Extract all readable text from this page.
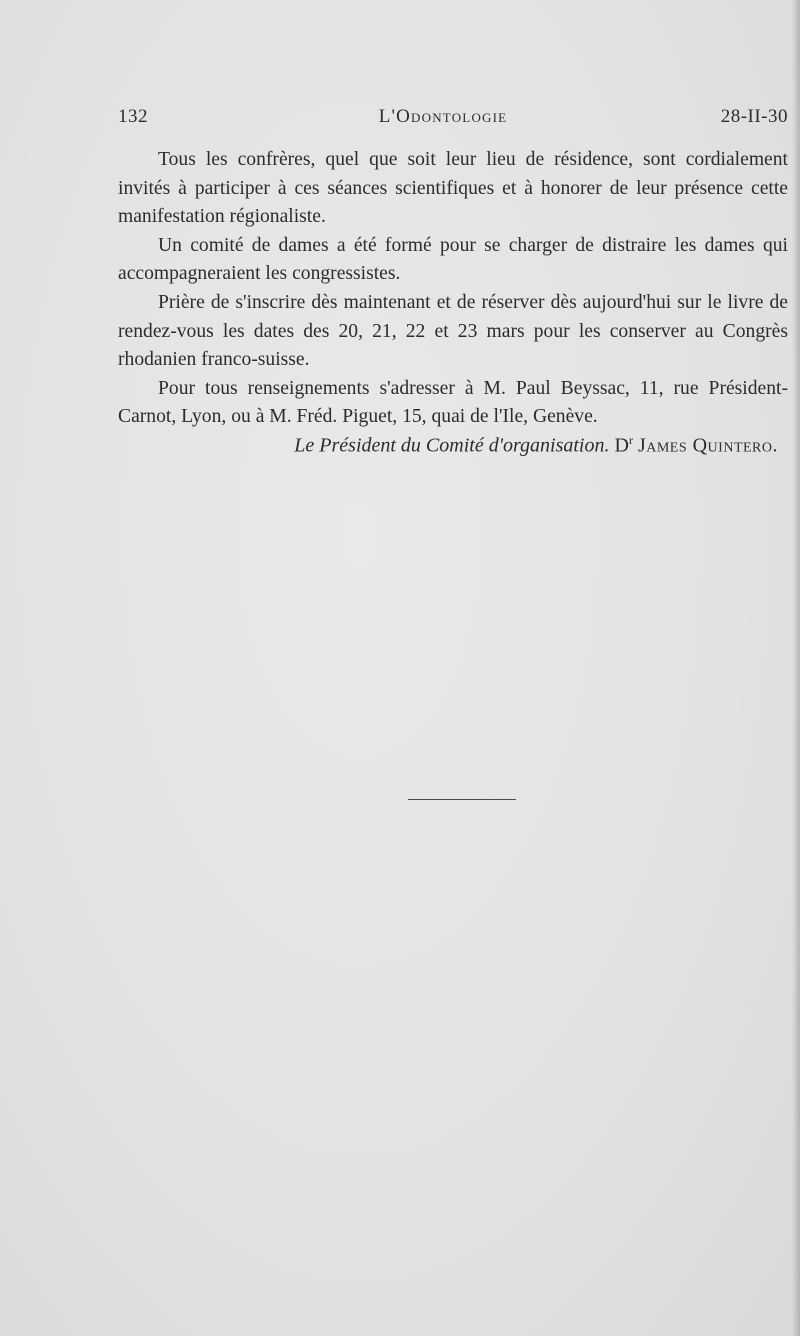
132	L'Odontologie	28-II-30

Tous les confrères, quel que soit leur lieu de résidence, sont cordialement invités à participer à ces séances scientifiques et à honorer de leur présence cette manifestation régionaliste.

Un comité de dames a été formé pour se charger de distraire les dames qui accompagneraient les congressistes.

Prière de s'inscrire dès maintenant et de réserver dès aujourd'hui sur le livre de rendez-vous les dates des 20, 21, 22 et 23 mars pour les conserver au Congrès rhodanien franco-suisse.

Pour tous renseignements s'adresser à M. Paul Beyssac, 11, rue Président-Carnot, Lyon, ou à M. Fréd. Piguet, 15, quai de l'Ile, Genève.

Le Président du Comité d'organisation. $D^r$ James Quintero.
